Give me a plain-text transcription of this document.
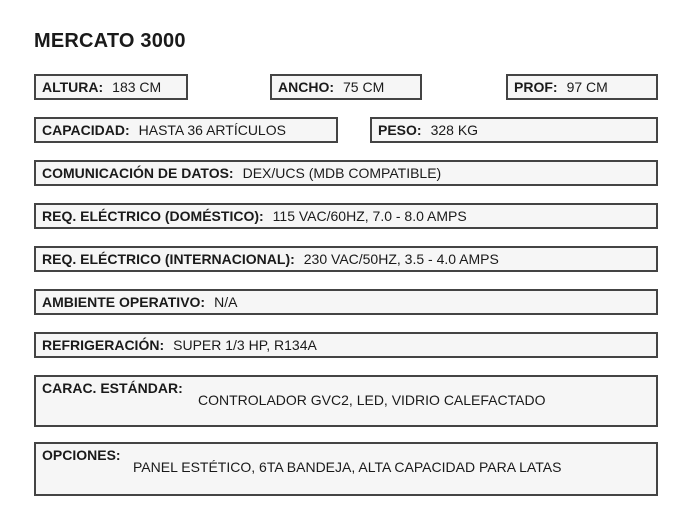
MERCATO 3000
ALTURA: 183 CM	ANCHO: 75 CM	PROF: 97 CM
CAPACIDAD: HASTA 36 ARTÍCULOS	PESO: 328 KG
COMUNICACIÓN DE DATOS: DEX/UCS (MDB COMPATIBLE)
REQ. ELÉCTRICO (DOMÉSTICO): 115 VAC/60HZ, 7.0 - 8.0 AMPS
REQ. ELÉCTRICO (INTERNACIONAL): 230 VAC/50HZ, 3.5 - 4.0 AMPS
AMBIENTE OPERATIVO: N/A
REFRIGERACIÓN: SUPER 1/3 HP, R134A
CARAC. ESTÁNDAR:
CONTROLADOR GVC2, LED, VIDRIO CALEFACTADO
OPCIONES:
PANEL ESTÉTICO, 6TA BANDEJA, ALTA CAPACIDAD PARA LATAS
